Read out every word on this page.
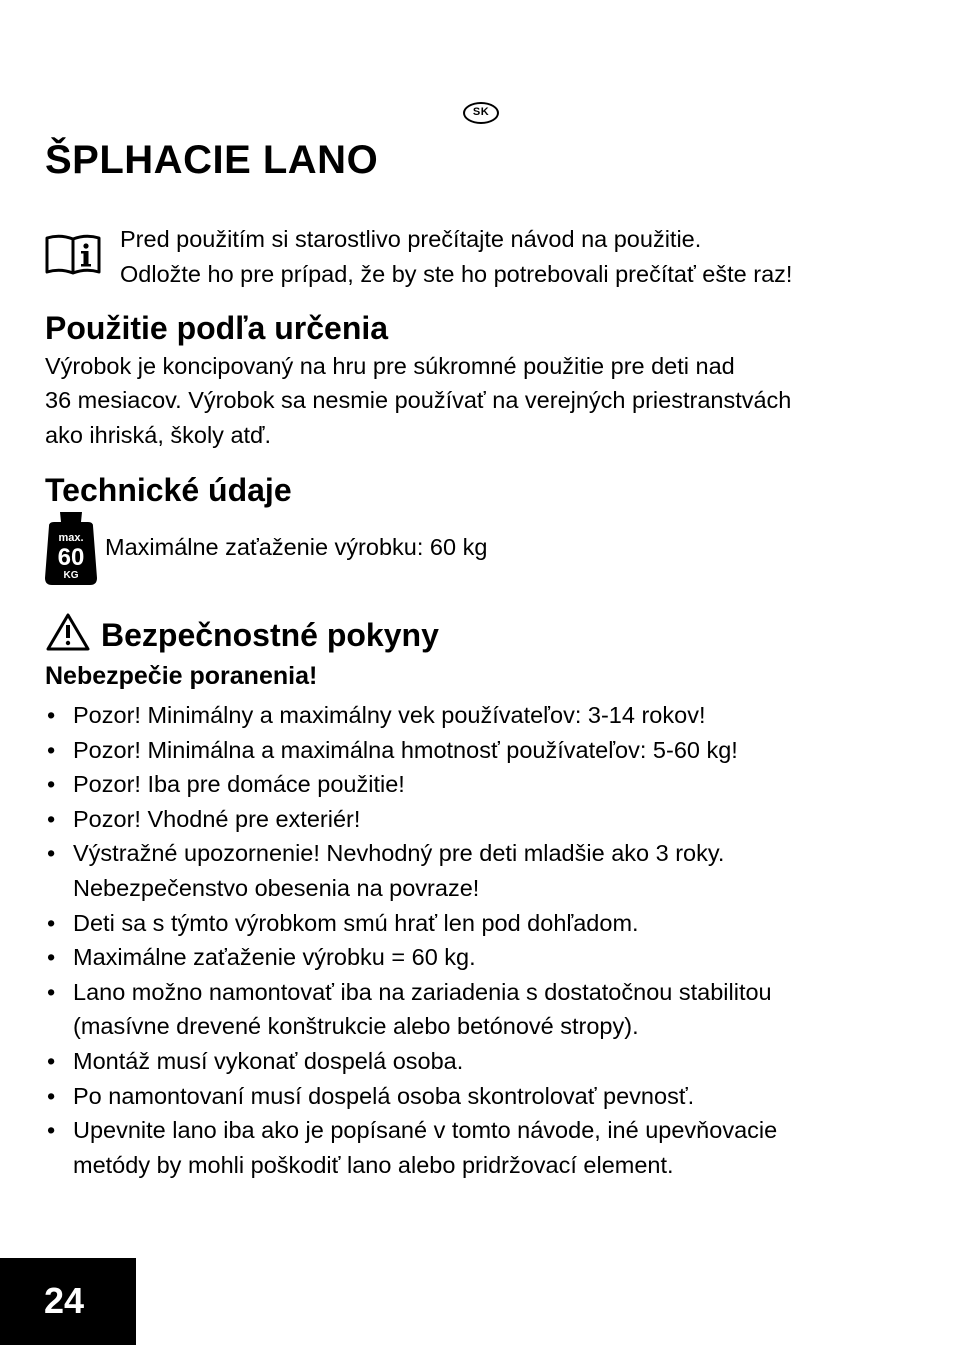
SK
ŠPLHACIE LANO
Pred použitím si starostlivo prečítajte návod na použitie.
Odložte ho pre prípad, že by ste ho potrebovali prečítať ešte raz!
Použitie podľa určenia
Výrobok je koncipovaný na hru pre súkromné použitie pre deti nad
36 mesiacov. Výrobok sa nesmie používať na verejných priestranstvách
ako ihriská, školy atď.
Technické údaje
max.
60
KG
Maximálne zaťaženie výrobku: 60 kg
Bezpečnostné pokyny
Nebezpečie poranenia!
• Pozor! Minimálny a maximálny vek používateľov: 3-14 rokov!
• Pozor! Minimálna a maximálna hmotnosť používateľov: 5-60 kg!
• Pozor! Iba pre domáce použitie!
• Pozor! Vhodné pre exteriér!
• Výstražné upozornenie! Nevhodný pre deti mladšie ako 3 roky.
Nebezpečenstvo obesenia na povraze!
• Deti sa s týmto výrobkom smú hrať len pod dohľadom.
• Maximálne zaťaženie výrobku = 60 kg.
• Lano možno namontovať iba na zariadenia s dostatočnou stabilitou
(masívne drevené konštrukcie alebo betónové stropy).
• Montáž musí vykonať dospelá osoba.
• Po namontovaní musí dospelá osoba skontrolovať pevnosť.
• Upevnite lano iba ako je popísané v tomto návode, iné upevňovacie
metódy by mohli poškodiť lano alebo pridržovací element.
24
